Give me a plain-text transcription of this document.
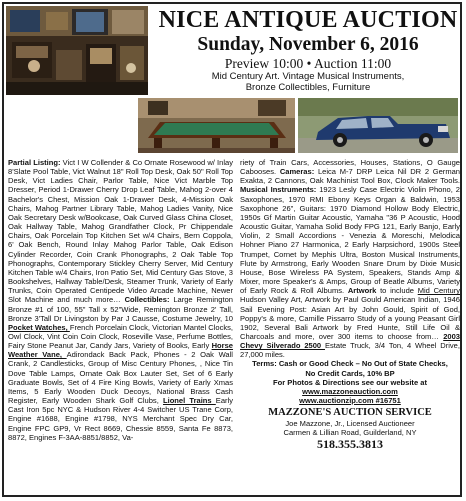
NICE ANTIQUE AUCTION
Sunday, November 6, 2016
Preview 10:00 • Auction 11:00
Mid Century Art. Vintage Musical Instruments,
Bronze Collectibles, Furniture
Partial Listing: Vict I W Collender & Co Ornate Rosewood w/ Inlay 8'Slate Pool Table, Vict Walnut 18" Roll Top Desk, Oak 50" Roll Top Desk, Vict Ladies Chair, Parlor Table, Nice Vict Marble Top Dresser, Period 1-Drawer Cherry Drop Leaf Table, Mahog 2-over 4 Bachelor's Chest, Mission Oak 1-Drawer Desk, 4-Mission Oak Chairs, Mahog Partner Library Table, Mahog Ladies Vanity, Nice Oak Secretary Desk w/Bookcase, Oak Curved Glass China Closet, Oak Hallway Table, Mahog Grandfather Clock, Pr Chippendale Chairs, Oak Porcelain Top Kitchen Set w/4 Chairs, Bern Coppola, 6' Oak Bench, Round Inlay Mahog Parlor Table, Oak Edison Cylinder Recorder, Coin Crank Phonographs, 2 Oak Table Top Phonographs, Contemporary Stickley Cherry Server, Mid Century Kitchen Table w/4 Chairs, Iron Patio Set, Mid Century Gas Stove, 3 Bookshelves, Hallway Table/Desk, Steamer Trunk, Variety of Early Trunks, Coin Operated Centipede Video Arcade Machine, Newer Slot Machine and much more… Collectibles: Large Remington Bronze #1 of 100, 55" Tall x 52"Wide, Remington Bronze 2' Tall, Bronze 3'Tall Dr Livingston by Par J Causse, Costume Jewelry, 10 Pocket Watches, French Porcelain Clock, Victorian Mantel Clocks, Owl Clock, Vint Coin Coin Clock, Roseville Vase, Perfume Bottles, Fairy Stone Peanut Jar, Candy Jars, Variety of Books, Early Horse Weather Vane, Adirondack Back Pack, Phones - 2 Oak Wall Crank, 2 Candlesticks, Group of Misc Century Phones, , Nice Tin Dove Table Lamps, Ornate Oak Box Lauter Set, Set of 6 Early Graduate Bowls, Set of 4 Fire King Bowls, Variety of Early Xmas Items, 5 Early Wooden Duck Decoys, National Brass Cash Register, Early Wooden Shark Golf Clubs, Lionel Trains Early Cast Iron 5pc NYC & Hudson River 4-4 Switcher US Trane Corp, Engine #1688, Engine #1798, NYS Merchant Spec Dry Car, Engine FPC GP9, Vr Rect 8669, Chessie 8559, Santa Fe 8873, 8872, Engines F-3AA-8851/8852, Va-
riety of Train Cars, Accessories, Houses, Stations, O Gauge Cabooses. Cameras: Leica M-7 DRP Leica Nil DR 2 German Exakta, 2 Cannons, Oak Machinist Tool Box, Clock Maker Tools. Musical Instruments: 1923 Lesly Case Electric Violin Phono, 2 Saxophones, 1970 RMI Ebony Keys Organ & Baldwin, 1953 Saxophone 26", Guitars: 1970 Diamond Hollow Body Electric, 1950s Gf Martin Guitar Acoustic, Yamaha "36 P Acoustic, Hood Acoustic Guitar, Yamaha Solid Body FPG 121, Early Banjo, Early Violin, 2 Small Accordions - Venezia & Moreschi, Melodica Hohner Piano 27 Harmonica, 2 Early Harpsichord, 1900s Steel Trumpet, Cornet by Mephis Ultra, Boston Musical Instruments, Flute by Armstrong, Early Wooden Snare Drum by Dixie Music House, Bose Wireless PA System, Speakers, Stands Amp & Mixer, more Speaker's & Amps, Group of Beatle Albums, Variety of Early Rock & Roll Albums. Artwork to include Mid Century Hudson Valley Art, Artwork by Paul Gould American Indian, 1946 Sail Evening Post: Asian Art by John Gould, Spirit of God, Poppy's & more, Camille Pissarro Study of a young Peasant Girl 1902, Several Bali Artwork by Fred Hunte, Still Life Oil & Charcoals and more, over 300 items to choose from… 2003 Chevy Silverado 2500 Estate Truck, 3/4 Ton, 4 Wheel Drive, 27,000 miles.
Terms: Cash or Good Check – No Out of State Checks,
No Credit Cards, 10% BP
For Photos & Directions see our website at
www.mazzoneauction.com
www.auctionzip.com #16751
MAZZONE'S AUCTION SERVICE
Joe Mazzone, Jr., Licensed Auctioneer
Carmen & Lillian Road, Guilderland, NY
518.355.3813
